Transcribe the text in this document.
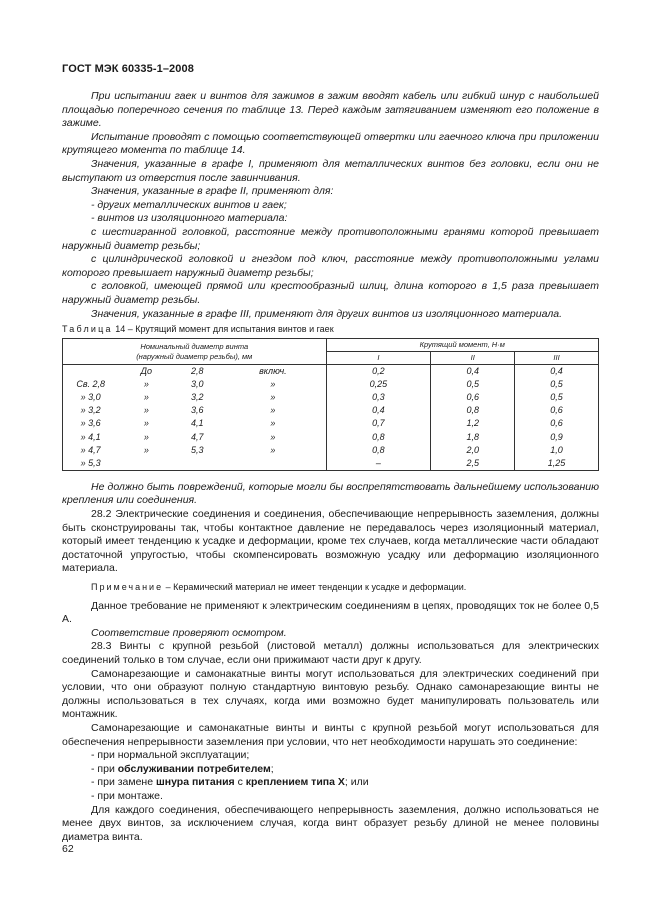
ГОСТ МЭК 60335-1–2008

При испытании гаек и винтов для зажимов в зажим вводят кабель или гибкий шнур с наибольшей площадью поперечного сечения по таблице 13. Перед каждым затягиванием изменяют его положение в зажиме.

Испытание проводят с помощью соответствующей отвертки или гаечного ключа при приложении крутящего момента по таблице 14.

Значения, указанные в графе I, применяют для металлических винтов без головки, если они не выступают из отверстия после завинчивания.

Значения, указанные в графе II, применяют для:

- других металлических винтов и гаек;

- винтов из изоляционного материала:

с шестигранной головкой, расстояние между противоположными гранями которой превышает наружный диаметр резьбы;

с цилиндрической головкой и гнездом под ключ, расстояние между противоположными углами которого превышает наружный диаметр резьбы;

с головкой, имеющей прямой или крестообразный шлиц, длина которого в 1,5 раза превышает наружный диаметр резьбы.

Значения, указанные в графе III, применяют для других винтов из изоляционного материала.

Таблица 14 – Крутящий момент для испытания винтов и гаек

Номинальный диаметр винта
(наружный диаметр резьбы), мм				Крутящий момент, Н·м		
				I	II	III
	До	2,8	включ.	0,2	0,4	0,4
Св. 2,8	»	3,0	»	0,25	0,5	0,5
» 3,0	»	3,2	»	0,3	0,6	0,5
» 3,2	»	3,6	»	0,4	0,8	0,6
» 3,6	»	4,1	»	0,7	1,2	0,6
» 4,1	»	4,7	»	0,8	1,8	0,9
» 4,7	»	5,3	»	0,8	2,0	1,0
» 5,3				–	2,5	1,25

Не должно быть повреждений, которые могли бы воспрепятствовать дальнейшему использованию крепления или соединения.

28.2 Электрические соединения и соединения, обеспечивающие непрерывность заземления, должны быть сконструированы так, чтобы контактное давление не передавалось через изоляционный материал, который имеет тенденцию к усадке и деформации, кроме тех случаев, когда металлические части обладают достаточной упругостью, чтобы скомпенсировать возможную усадку или деформацию изоляционного материала.

Примечание – Керамический материал не имеет тенденции к усадке и деформации.

Данное требование не применяют к электрическим соединениям в цепях, проводящих ток не более 0,5 А.

Соответствие проверяют осмотром.

28.3 Винты с крупной резьбой (листовой металл) должны использоваться для электрических соединений только в том случае, если они прижимают части друг к другу.

Самонарезающие и самонакатные винты могут использоваться для электрических соединений при условии, что они образуют полную стандартную винтовую резьбу. Однако самонарезающие винты не должны использоваться в тех случаях, когда ими возможно будет манипулировать пользователь или монтажник.

Самонарезающие и самонакатные винты и винты с крупной резьбой могут использоваться для обеспечения непрерывности заземления при условии, что нет необходимости нарушать это соединение:

- при нормальной эксплуатации;

- при обслуживании потребителем;

- при замене шнура питания с креплением типа Х; или

- при монтаже.

Для каждого соединения, обеспечивающего непрерывность заземления, должно использоваться не менее двух винтов, за исключением случая, когда винт образует резьбу длиной не менее половины диаметра винта.

62
